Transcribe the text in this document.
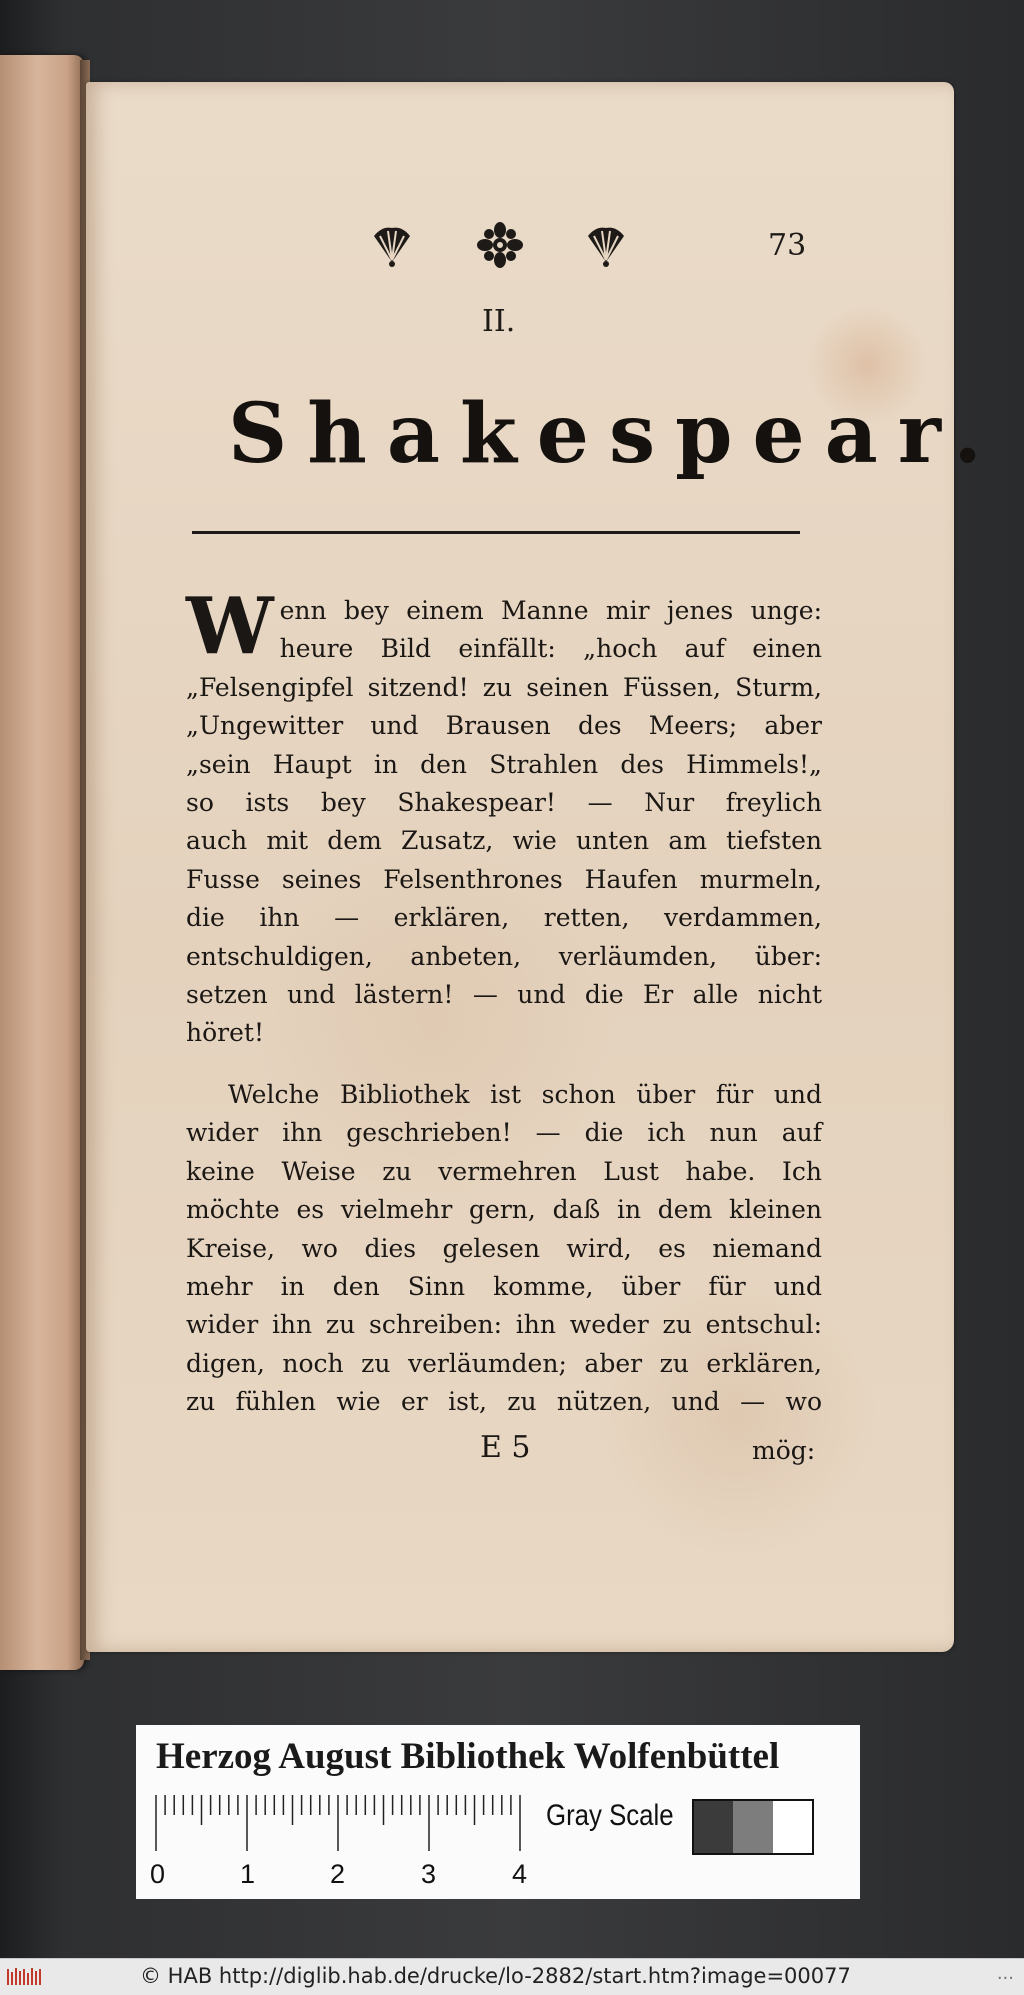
73
II.
Shakespear.
W enn bey einem Manne mir jenes unge:
heure Bild einfällt: „hoch auf einen
„Felsengipfel sitzend! zu seinen Füssen, Sturm,
„Ungewitter und Brausen des Meers; aber
„sein Haupt in den Strahlen des Himmels!„
so ists bey Shakespear! — Nur freylich
auch mit dem Zusatz, wie unten am tiefsten
Fusse seines Felsenthrones Haufen murmeln,
die ihn — erklären, retten, verdammen,
entschuldigen, anbeten, verläumden, über:
setzen und lästern! — und die Er alle nicht
höret!
Welche Bibliothek ist schon über für und
wider ihn geschrieben! — die ich nun auf
keine Weise zu vermehren Lust habe. Ich
möchte es vielmehr gern, daß in dem kleinen
Kreise, wo dies gelesen wird, es niemand
mehr in den Sinn komme, über für und
wider ihn zu schreiben: ihn weder zu entschul:
digen, noch zu verläumden; aber zu erklären,
zu fühlen wie er ist, zu nützen, und — wo
E 5	mög:
Herzog August Bibliothek Wolfenbüttel
0	1	2	3	4
Gray Scale
© HAB http://diglib.hab.de/drucke/lo-2882/start.htm?image=00077	...
